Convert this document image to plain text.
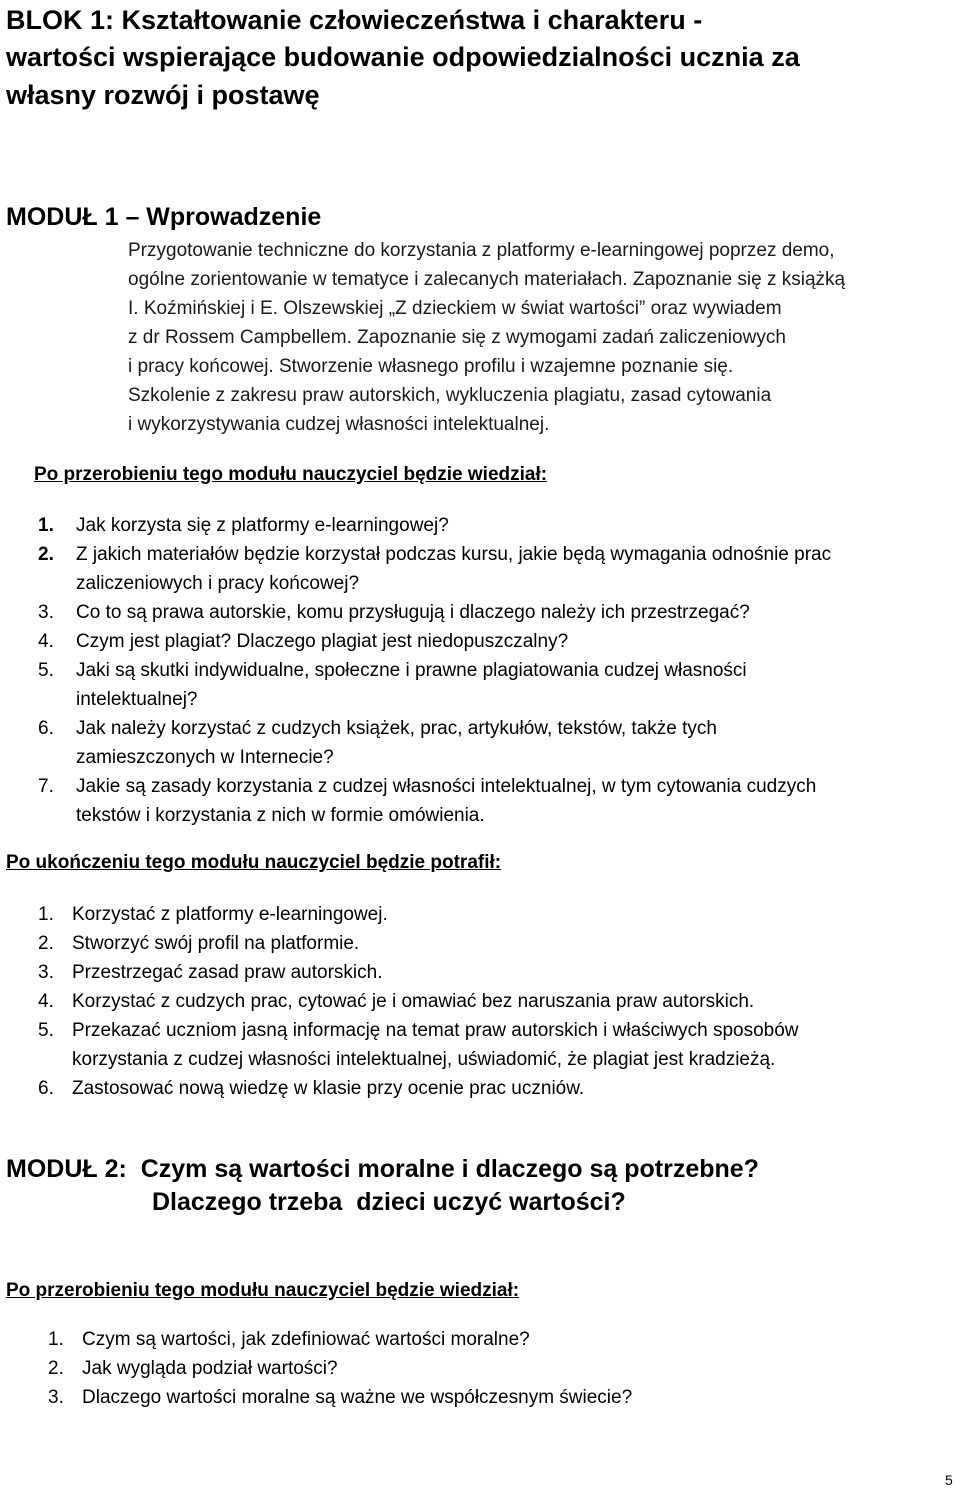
BLOK 1: Kształtowanie człowieczeństwa i charakteru -
wartości wspierające budowanie odpowiedzialności ucznia za
własny rozwój i postawę
MODUŁ 1 – Wprowadzenie
Przygotowanie techniczne do korzystania z platformy e-learningowej poprzez demo,
ogólne zorientowanie w tematyce i zalecanych materiałach. Zapoznanie się z książką
I. Koźmińskiej i E. Olszewskiej „Z dzieckiem w świat wartości” oraz wywiadem
z dr Rossem Campbellem. Zapoznanie się z wymogami zadań zaliczeniowych
i pracy końcowej. Stworzenie własnego profilu i wzajemne poznanie się.
Szkolenie z zakresu praw autorskich, wykluczenia plagiatu, zasad cytowania
i wykorzystywania cudzej własności intelektualnej.
Po przerobieniu tego modułu nauczyciel będzie wiedział:
1. Jak korzysta się z platformy e-learningowej?
2. Z jakich materiałów będzie korzystał podczas kursu, jakie będą wymagania odnośnie prac
zaliczeniowych i pracy końcowej?
3. Co to są prawa autorskie, komu przysługują i dlaczego należy ich przestrzegać?
4. Czym jest plagiat? Dlaczego plagiat jest niedopuszczalny?
5. Jaki są skutki indywidualne, społeczne i prawne plagiatowania cudzej własności
intelektualnej?
6. Jak należy korzystać z cudzych książek, prac, artykułów, tekstów, także tych
zamieszczonych w Internecie?
7. Jakie są zasady korzystania z cudzej własności intelektualnej, w tym cytowania cudzych
tekstów i korzystania z nich w formie omówienia.
Po ukończeniu tego modułu nauczyciel będzie potrafił:
1. Korzystać z platformy e-learningowej.
2. Stworzyć swój profil na platformie.
3. Przestrzegać zasad praw autorskich.
4. Korzystać z cudzych prac, cytować je i omawiać bez naruszania praw autorskich.
5. Przekazać uczniom jasną informację na temat praw autorskich i właściwych sposobów
korzystania z cudzej własności intelektualnej, uświadomić, że plagiat jest kradzieżą.
6. Zastosować nową wiedzę w klasie przy ocenie prac uczniów.
MODUŁ 2:  Czym są wartości moralne i dlaczego są potrzebne?
Dlaczego trzeba  dzieci uczyć wartości?
Po przerobieniu tego modułu nauczyciel będzie wiedział:
1. Czym są wartości, jak zdefiniować wartości moralne?
2. Jak wygląda podział wartości?
3. Dlaczego wartości moralne są ważne we współczesnym świecie?
5
